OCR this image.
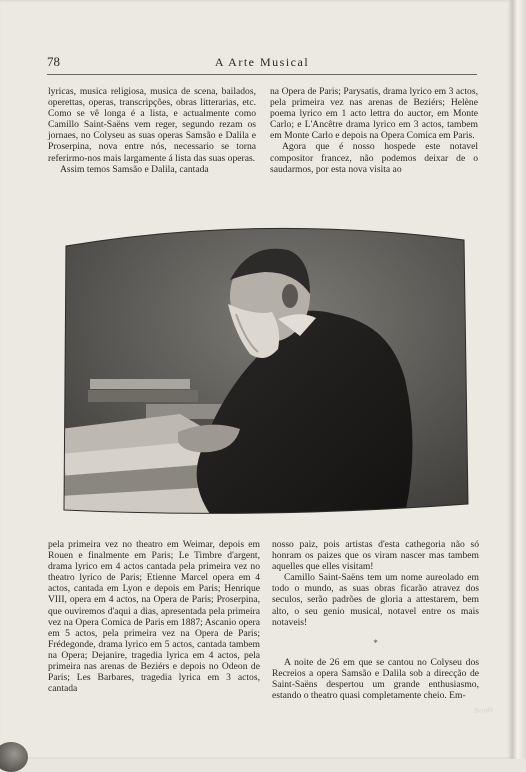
78	A Arte Musical

lyricas, musica religiosa, musica de scena, bailados, operettas, operas, transcripções, obras litterarias, etc. Como se vê longa é a lista, e actualmente como Camillo Saint-Saëns vem reger, segundo rezam os jornaes, no Colyseu as suas operas Samsão e Dalila e Proserpina, nova entre nós, necessario se torna referirmo-nos mais largamente á lista das suas operas.

Assim temos Samsão e Dalila, cantada

na Opera de Paris; Parysatis, drama lyrico em 3 actos, pela primeira vez nas arenas de Beziérs; Helène poema lyrico em 1 acto lettra do auctor, em Monte Carlo; e L'Ancêtre drama lyrico em 3 actos, tambem em Monte Carlo e depois na Opera Comica em Paris.

Agora que é nosso hospede este notavel compositor francez, não podemos deixar de o saudarmos, por esta nova visita ao

Bergès

pela primeira vez no theatro em Weimar, depois em Rouen e finalmente em Paris; Le Timbre d'argent, drama lyrico em 4 actos cantada pela primeira vez no theatro lyrico de Paris; Etienne Marcel opera em 4 actos, cantada em Lyon e depois em Paris; Henrique VIII, opera em 4 actos, na Opera de Paris; Proserpina, que ouviremos d'aqui a dias, apresentada pela primeira vez na Opera Comica de Paris em 1887; Ascanio opera em 5 actos, pela primeira vez na Opera de Paris; Frédegonde, drama lyrico em 5 actos, cantada tambem na Opera; Dejanire, tragedia lyrica em 4 actos, pela primeira nas arenas de Beziérs e depois no Odeon de Paris; Les Barbares, tragedia lyrica em 3 actos, cantada

nosso paiz, pois artistas d'esta cathegoria não só honram os paizes que os viram nascer mas tambem aquelles que elles visitam!

Camillo Saint-Saëns tem um nome aureolado em todo o mundo, as suas obras ficarão atravez dos seculos, serão padrões de gloria a attestarem, bem alto, o seu genio musical, notavel entre os mais notaveis!

*

A noite de 26 em que se cantou no Colyseu dos Recreios a opera Samsão e Dalila sob a direcção de Saint-Saëns despertou um grande enthusiasmo, estando o theatro quasi completamente cheio. Em-
